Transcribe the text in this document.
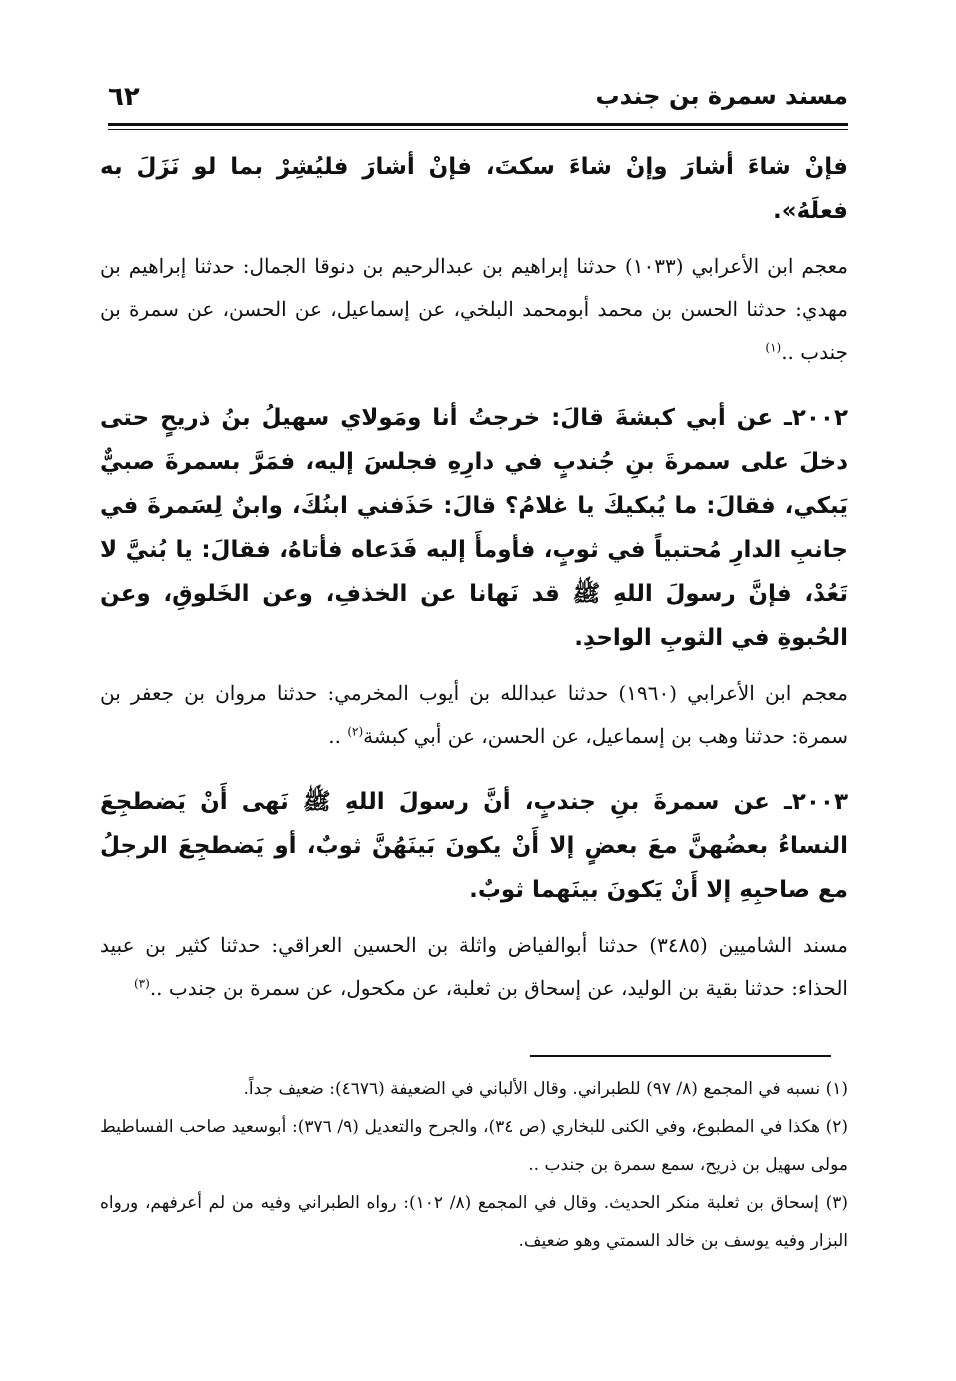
مسند سمرة بن جندب
٦٢

فإنْ شاءَ أشارَ وإنْ شاءَ سكتَ، فإنْ أشارَ فليُشِرْ بما لو نَزَلَ به فعلَهُ».

معجم ابن الأعرابي (١٠٣٣) حدثنا إبراهيم بن عبدالرحيم بن دنوقا الجمال: حدثنا إبراهيم بن مهدي: حدثنا الحسن بن محمد أبومحمد البلخي، عن إسماعيل، عن الحسن، عن سمرة بن جندب ..$^{(١)}$

٢٠٠٢ـ عن أبي كبشةَ قالَ: خرجتُ أنا ومَولاي سهيلُ بنُ ذريحٍ حتى دخلَ على سمرةَ بنِ جُندبٍ في دارِهِ فجلسَ إليه، فمَرَّ بسمرةَ صبيٌّ يَبكي، فقالَ: ما يُبكيكَ يا غلامُ؟ قالَ: حَذَفني ابنُكَ، وابنٌ لِسَمرةَ في جانبِ الدارِ مُحتبياً في ثوبٍ، فأومأَ إليه فَدَعاه فأتاهُ، فقالَ: يا بُنيَّ لا تَعُدْ، فإنَّ رسولَ اللهِ ﷺ قد نَهانا عن الخذفِ، وعن الخَلوقِ، وعن الحُبوةِ في الثوبِ الواحدِ.

معجم ابن الأعرابي (١٩٦٠) حدثنا عبدالله بن أيوب المخرمي: حدثنا مروان بن جعفر بن سمرة: حدثنا وهب بن إسماعيل، عن الحسن، عن أبي كبشة$^{(٢)}$ ..

٢٠٠٣ـ عن سمرةَ بنِ جندبٍ، أنَّ رسولَ اللهِ ﷺ نَهى أَنْ يَضطجِعَ النساءُ بعضُهنَّ معَ بعضٍ إلا أَنْ يكونَ بَينَهُنَّ ثوبٌ، أو يَضطجِعَ الرجلُ مع صاحبِهِ إلا أَنْ يَكونَ بينَهما ثوبٌ.

مسند الشاميين (٣٤٨٥) حدثنا أبوالفياض واثلة بن الحسين العراقي: حدثنا كثير بن عبيد الحذاء: حدثنا بقية بن الوليد، عن إسحاق بن ثعلبة، عن مكحول، عن سمرة بن جندب ..$^{(٣)}$

(١) نسبه في المجمع (٨/ ٩٧) للطبراني. وقال الألباني في الضعيفة (٤٦٧٦): ضعيف جداً.

(٢) هكذا في المطبوع، وفي الكنى للبخاري (ص ٣٤)، والجرح والتعديل (٩/ ٣٧٦): أبوسعيد صاحب الفساطيط مولى سهيل بن ذريح، سمع سمرة بن جندب ..

(٣) إسحاق بن ثعلبة منكر الحديث. وقال في المجمع (٨/ ١٠٢): رواه الطبراني وفيه من لم أعرفهم، ورواه البزار وفيه يوسف بن خالد السمتي وهو ضعيف.
